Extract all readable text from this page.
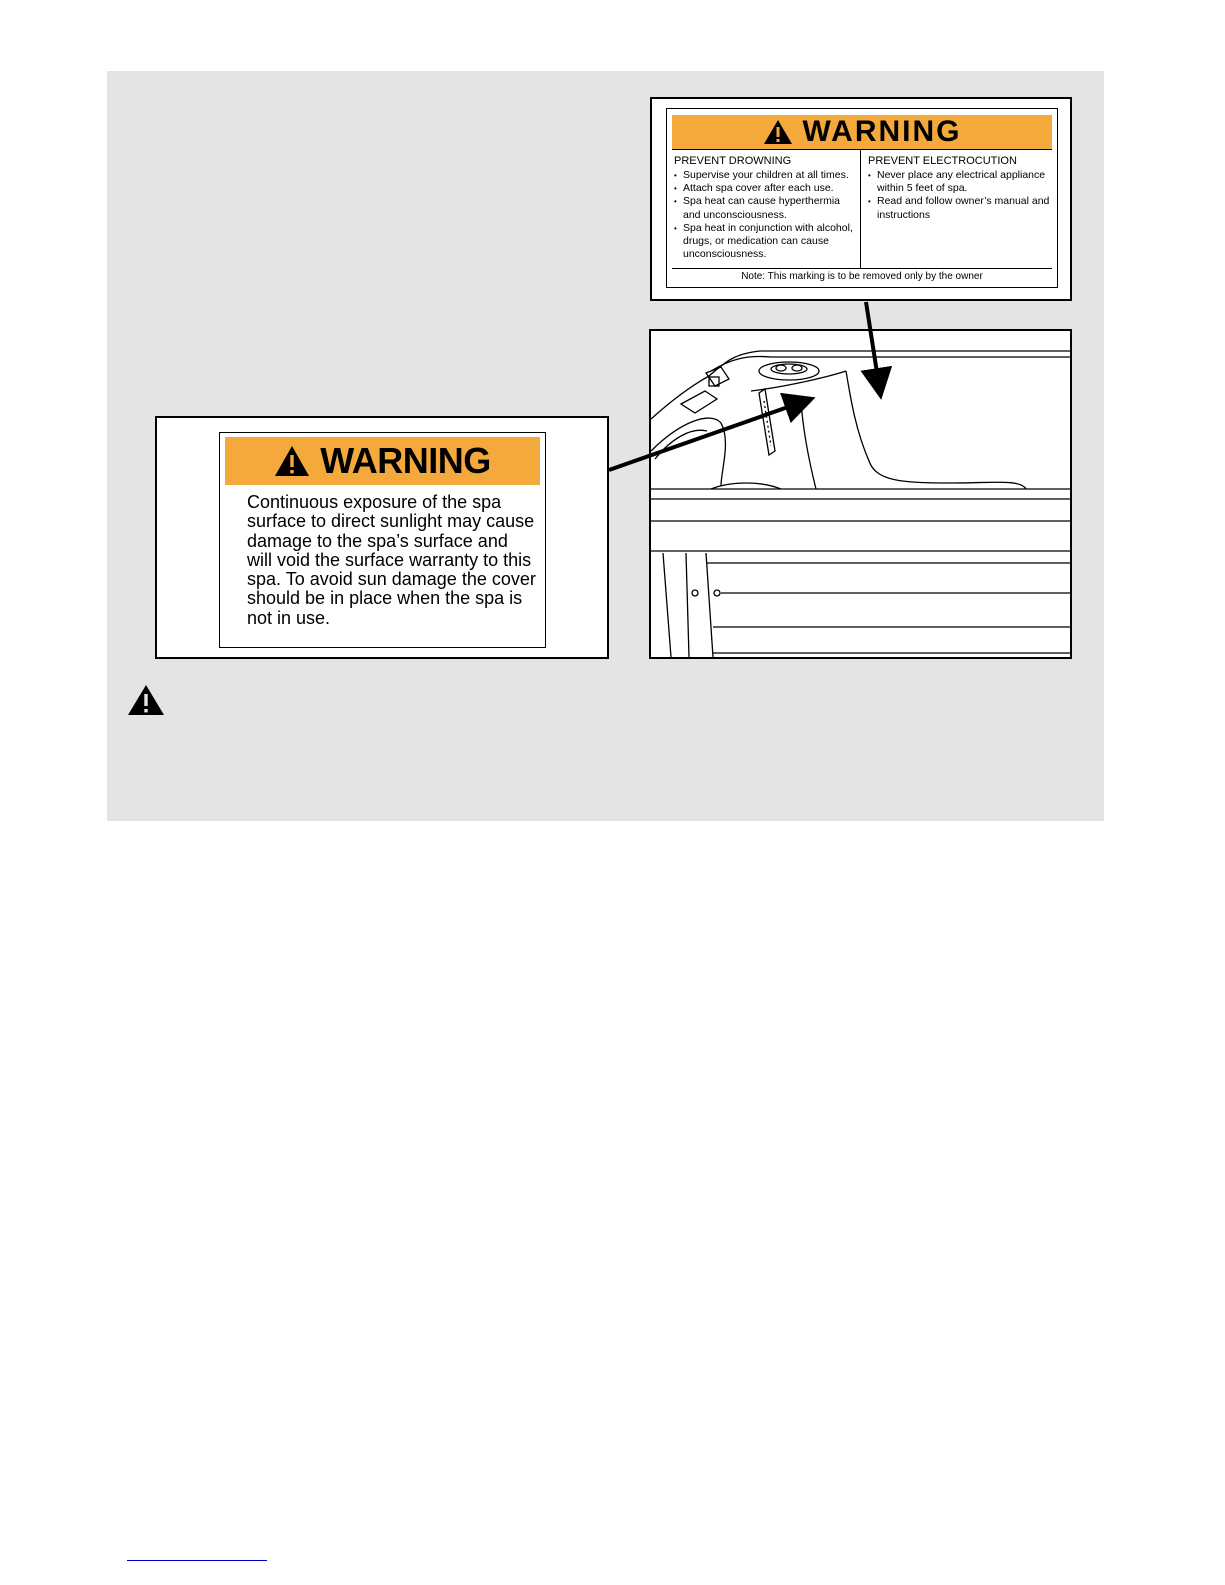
WARNING
PREVENT DROWNING
• Supervise your children at all times.
• Attach spa cover after each use.
• Spa heat can cause hyperthermia and unconsciousness.
• Spa heat in conjunction with alcohol, drugs, or medication can cause unconsciousness.
PREVENT ELECTROCUTION
• Never place any electrical appliance within 5 feet of spa.
• Read and follow owner’s manual and instructions
Note: This marking is to be removed only by the owner
WARNING
Continuous exposure of the spa surface to direct sunlight may cause damage to the spa’s surface and will void the surface warranty to this spa. To avoid sun damage the cover should be in place when the spa is not in use.
